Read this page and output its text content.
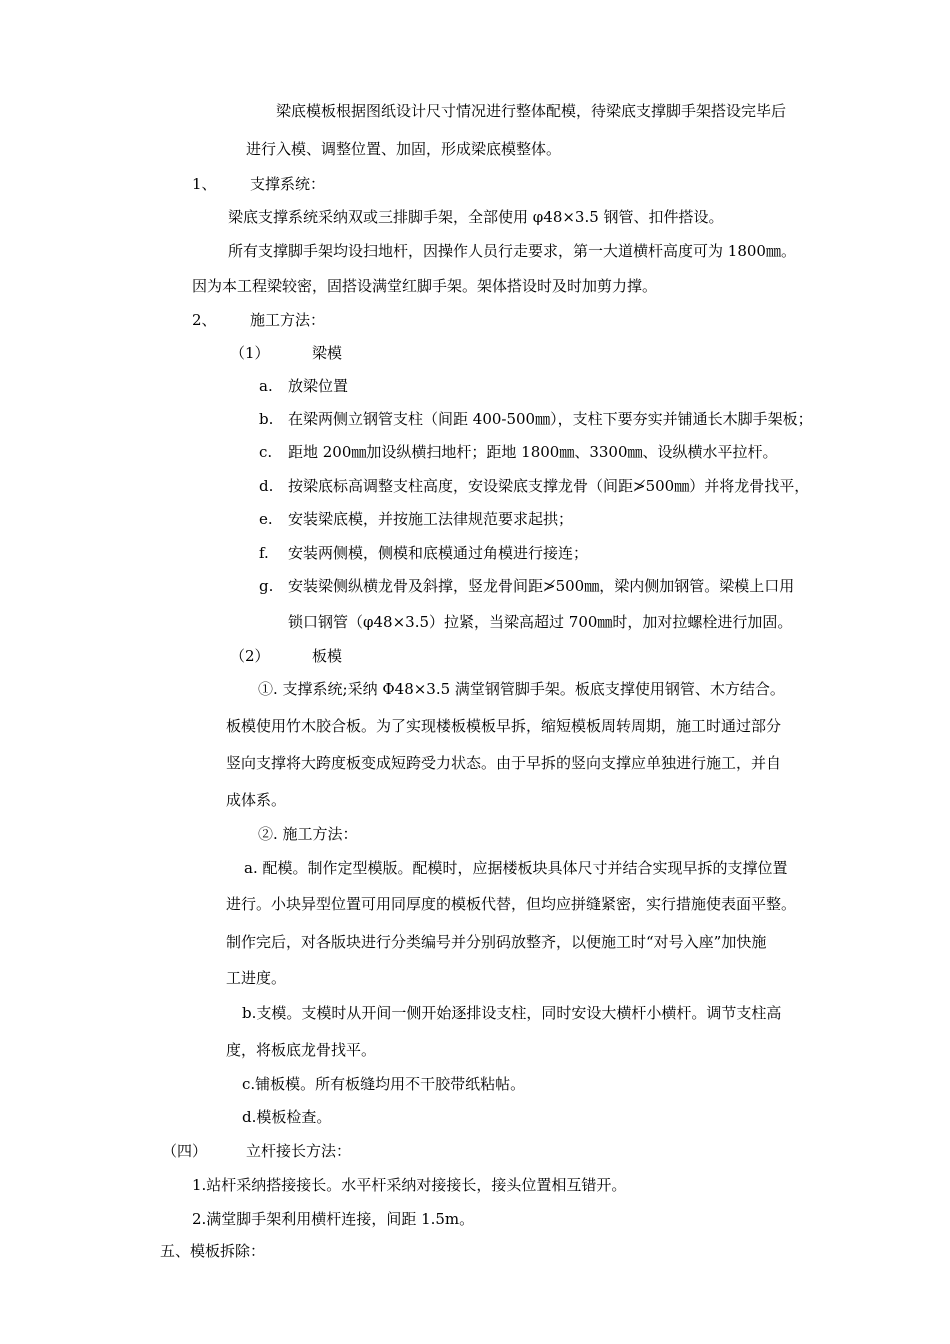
梁底模板根据图纸设计尺寸情况进行整体配模，待梁底支撑脚手架搭设完毕后
进行入模、调整位置、加固，形成梁底模整体。
1、 支撑系统：
梁底支撑系统采纳双或三排脚手架，全部使用 φ48×3.5 钢管、扣件搭设。
所有支撑脚手架均设扫地杆，因操作人员行走要求，第一大道横杆高度可为 1800㎜。
因为本工程梁较密，固搭设满堂红脚手架。架体搭设时及时加剪力撑。
2、 施工方法：
（1）	梁模
a. 放梁位置
b. 在梁两侧立钢管支柱（间距 400-500㎜），支柱下要夯实并铺通长木脚手架板；
c. 距地 200㎜加设纵横扫地杆；距地 1800㎜、3300㎜、设纵横水平拉杆。
d. 按梁底标高调整支柱高度，安设梁底支撑龙骨（间距≯500㎜）并将龙骨找平，
e. 安装梁底模，并按施工法律规范要求起拱；
f. 安装两侧模，侧模和底模通过角模进行接连；
g. 安装梁侧纵横龙骨及斜撑，竖龙骨间距≯500㎜，梁内侧加钢管。梁模上口用
锁口钢管（φ48×3.5）拉紧，当梁高超过 700㎜时，加对拉螺栓进行加固。
（2）	板模
①. 支撑系统;采纳 Φ48×3.5 满堂钢管脚手架。板底支撑使用钢管、木方结合。
板模使用竹木胶合板。为了实现楼板模板早拆，缩短模板周转周期，施工时通过部分
竖向支撑将大跨度板变成短跨受力状态。由于早拆的竖向支撑应单独进行施工，并自
成体系。
②. 施工方法：
a. 配模。制作定型模版。配模时，应据楼板块具体尺寸并结合实现早拆的支撑位置
进行。小块异型位置可用同厚度的模板代替，但均应拼缝紧密，实行措施使表面平整。
制作完后，对各版块进行分类编号并分别码放整齐，以便施工时“对号入座”加快施
工进度。
b.支模。支模时从开间一侧开始逐排设支柱，同时安设大横杆小横杆。调节支柱高
度，将板底龙骨找平。
c.铺板模。所有板缝均用不干胶带纸粘帖。
d.模板检查。
（四）	立杆接长方法：
1.站杆采纳搭接接长。水平杆采纳对接接长，接头位置相互错开。
2.满堂脚手架利用横杆连接，间距 1.5m。
五、模板拆除：
